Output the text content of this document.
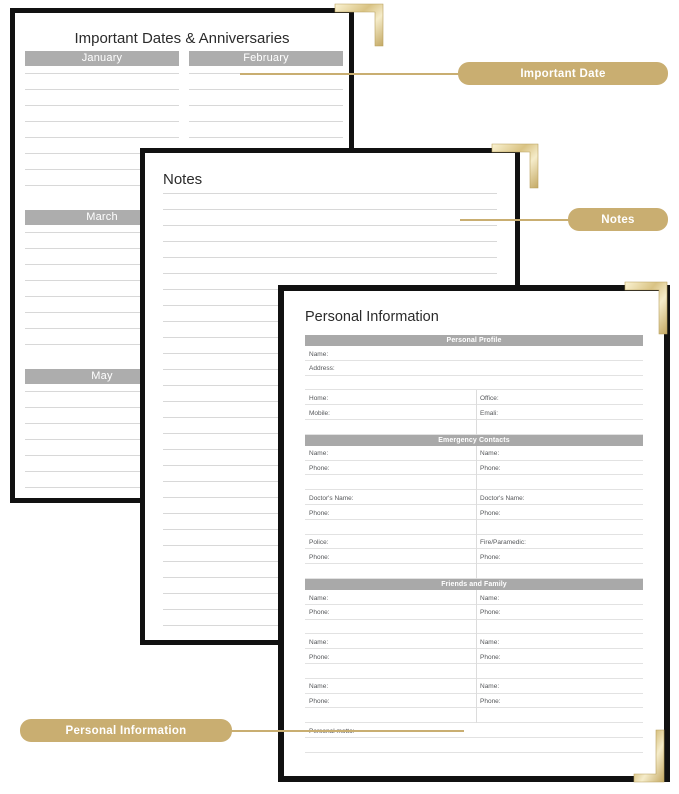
Important Dates & Anniversaries
January	February
March
May
Notes
Personal Information
Personal Profile
Name:
Address:
Home:	Office:
Mobile:	Emali:
Emergency Contacts
Name:	Name:
Phone:	Phone:
Doctor's Name:	Doctor's Name:
Phone:	Phone:
Police:	Fire/Paramedic:
Phone:	Phone:
Friends and Family
Name:	Name:
Phone:	Phone:
Name:	Name:
Phone:	Phone:
Name:	Name:
Phone:	Phone:
Important Date
Notes
Personal Information
